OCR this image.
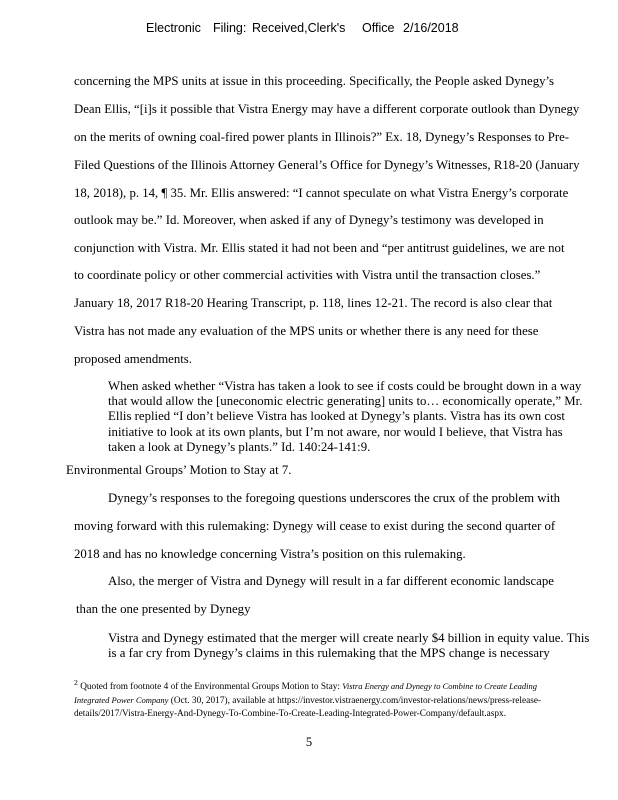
Electronic Filing: Received,Clerk's Office 2/16/2018
concerning the MPS units at issue in this proceeding. Specifically, the People asked Dynegy’s
Dean Ellis, “[i]s it possible that Vistra Energy may have a different corporate outlook than Dynegy
on the merits of owning coal-fired power plants in Illinois?” Ex. 18, Dynegy’s Responses to Pre-
Filed Questions of the Illinois Attorney General’s Office for Dynegy’s Witnesses, R18-20 (January
18, 2018), p. 14, ¶ 35. Mr. Ellis answered: “I cannot speculate on what Vistra Energy’s corporate
outlook may be.” Id. Moreover, when asked if any of Dynegy’s testimony was developed in
conjunction with Vistra. Mr. Ellis stated it had not been and “per antitrust guidelines, we are not
to coordinate policy or other commercial activities with Vistra until the transaction closes.”
January 18, 2017 R18-20 Hearing Transcript, p. 118, lines 12-21. The record is also clear that
Vistra has not made any evaluation of the MPS units or whether there is any need for these
proposed amendments.
When asked whether “Vistra has taken a look to see if costs could be brought down in a way that would allow the [uneconomic electric generating] units to… economically operate,” Mr. Ellis replied “I don’t believe Vistra has looked at Dynegy’s plants. Vistra has its own cost initiative to look at its own plants, but I’m not aware, nor would I believe, that Vistra has taken a look at Dynegy’s plants.” Id. 140:24-141:9.
Environmental Groups’ Motion to Stay at 7.
Dynegy’s responses to the foregoing questions underscores the crux of the problem with
moving forward with this rulemaking: Dynegy will cease to exist during the second quarter of
2018 and has no knowledge concerning Vistra’s position on this rulemaking.
Also, the merger of Vistra and Dynegy will result in a far different economic landscape
than the one presented by Dynegy
Vistra and Dynegy estimated that the merger will create nearly $4 billion in equity value. This is a far cry from Dynegy’s claims in this rulemaking that the MPS change is necessary
$^2$ Quoted from footnote 4 of the Environmental Groups Motion to Stay: Vistra Energy and Dynegy to Combine to Create Leading Integrated Power Company (Oct. 30, 2017), available at https://investor.vistraenergy.com/investor-relations/news/press-release-details/2017/Vistra-Energy-And-Dynegy-To-Combine-To-Create-Leading-Integrated-Power-Company/default.aspx.
5
